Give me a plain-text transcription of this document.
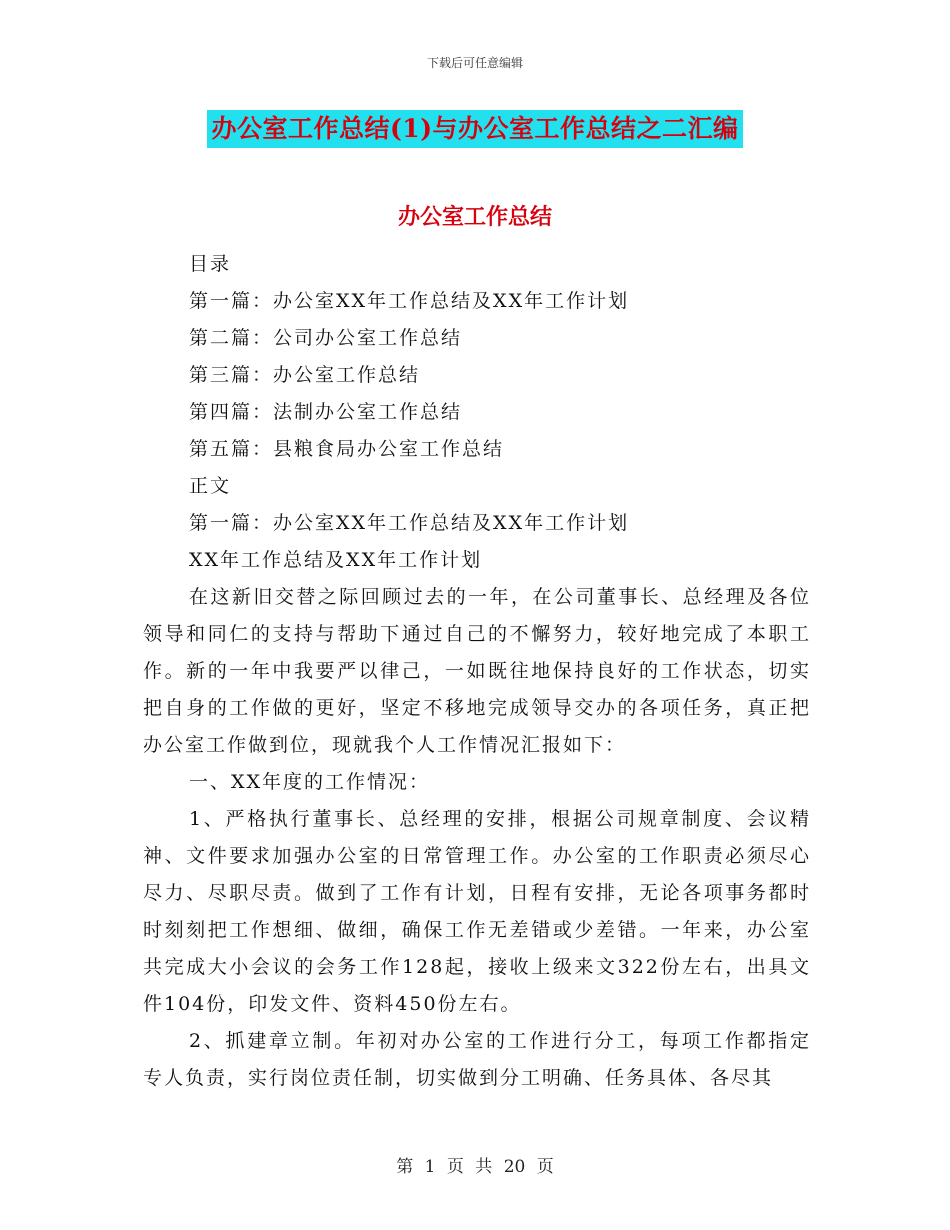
下载后可任意编辑
办公室工作总结(1)与办公室工作总结之二汇编
办公室工作总结

目录

第一篇：办公室XX年工作总结及XX年工作计划

第二篇：公司办公室工作总结

第三篇：办公室工作总结

第四篇：法制办公室工作总结

第五篇：县粮食局办公室工作总结

正文

第一篇：办公室XX年工作总结及XX年工作计划

XX年工作总结及XX年工作计划

在这新旧交替之际回顾过去的一年，在公司董事长、总经理及各位领导和同仁的支持与帮助下通过自己的不懈努力，较好地完成了本职工作。新的一年中我要严以律己，一如既往地保持良好的工作状态，切实把自身的工作做的更好，坚定不移地完成领导交办的各项任务，真正把办公室工作做到位，现就我个人工作情况汇报如下：

一、XX年度的工作情况：

1、严格执行董事长、总经理的安排，根据公司规章制度、会议精神、文件要求加强办公室的日常管理工作。办公室的工作职责必须尽心尽力、尽职尽责。做到了工作有计划，日程有安排，无论各项事务都时时刻刻把工作想细、做细，确保工作无差错或少差错。一年来，办公室共完成大小会议的会务工作128起，接收上级来文322份左右，出具文件104份，印发文件、资料450份左右。

2、抓建章立制。年初对办公室的工作进行分工，每项工作都指定专人负责，实行岗位责任制，切实做到分工明确、任务具体、各尽其

第 1 页 共 20 页
